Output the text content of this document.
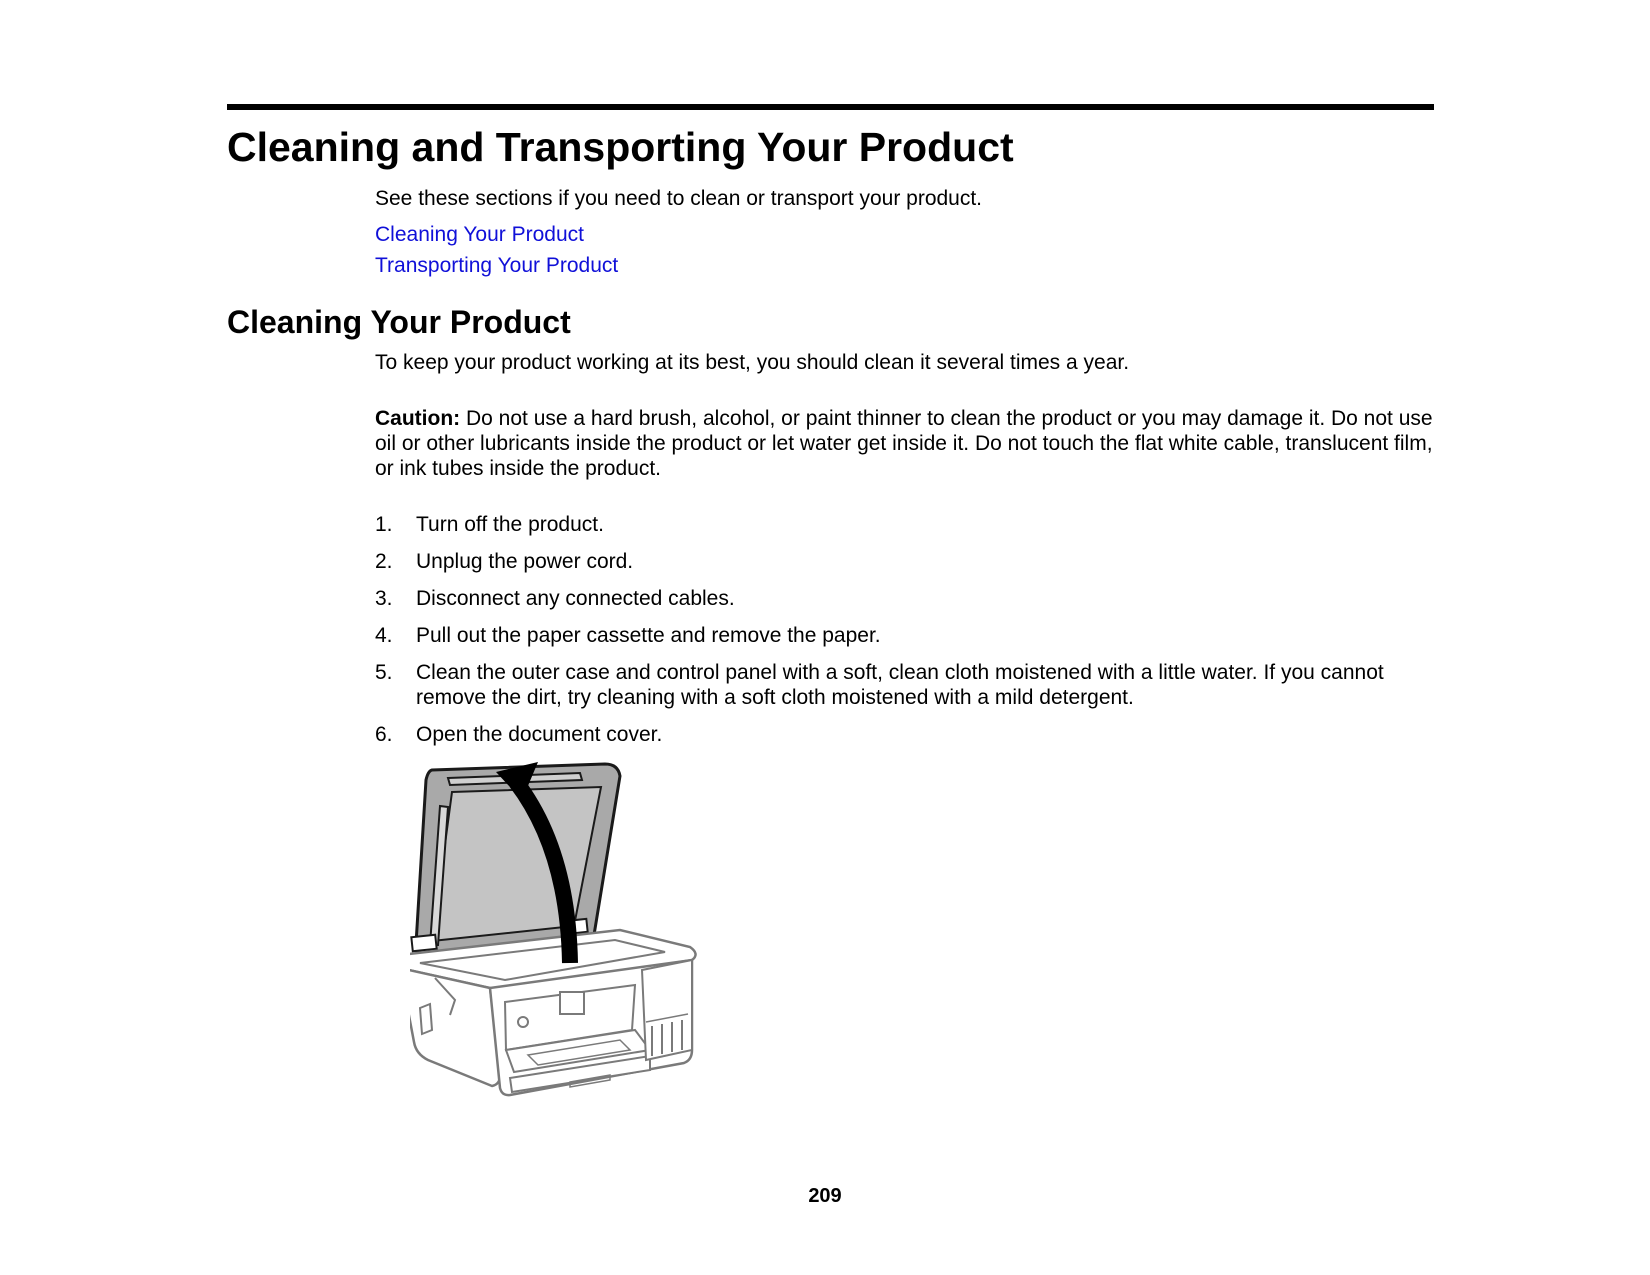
Cleaning and Transporting Your Product

See these sections if you need to clean or transport your product.

Cleaning Your Product
Transporting Your Product
Cleaning Your Product

To keep your product working at its best, you should clean it several times a year.

Caution: Do not use a hard brush, alcohol, or paint thinner to clean the product or you may damage it. Do not use oil or other lubricants inside the product or let water get inside it. Do not touch the flat white cable, translucent film, or ink tubes inside the product.

1. Turn off the product.
2. Unplug the power cord.
3. Disconnect any connected cables.
4. Pull out the paper cassette and remove the paper.
5. Clean the outer case and control panel with a soft, clean cloth moistened with a little water. If you cannot remove the dirt, try cleaning with a soft cloth moistened with a mild detergent.
6. Open the document cover.
209
